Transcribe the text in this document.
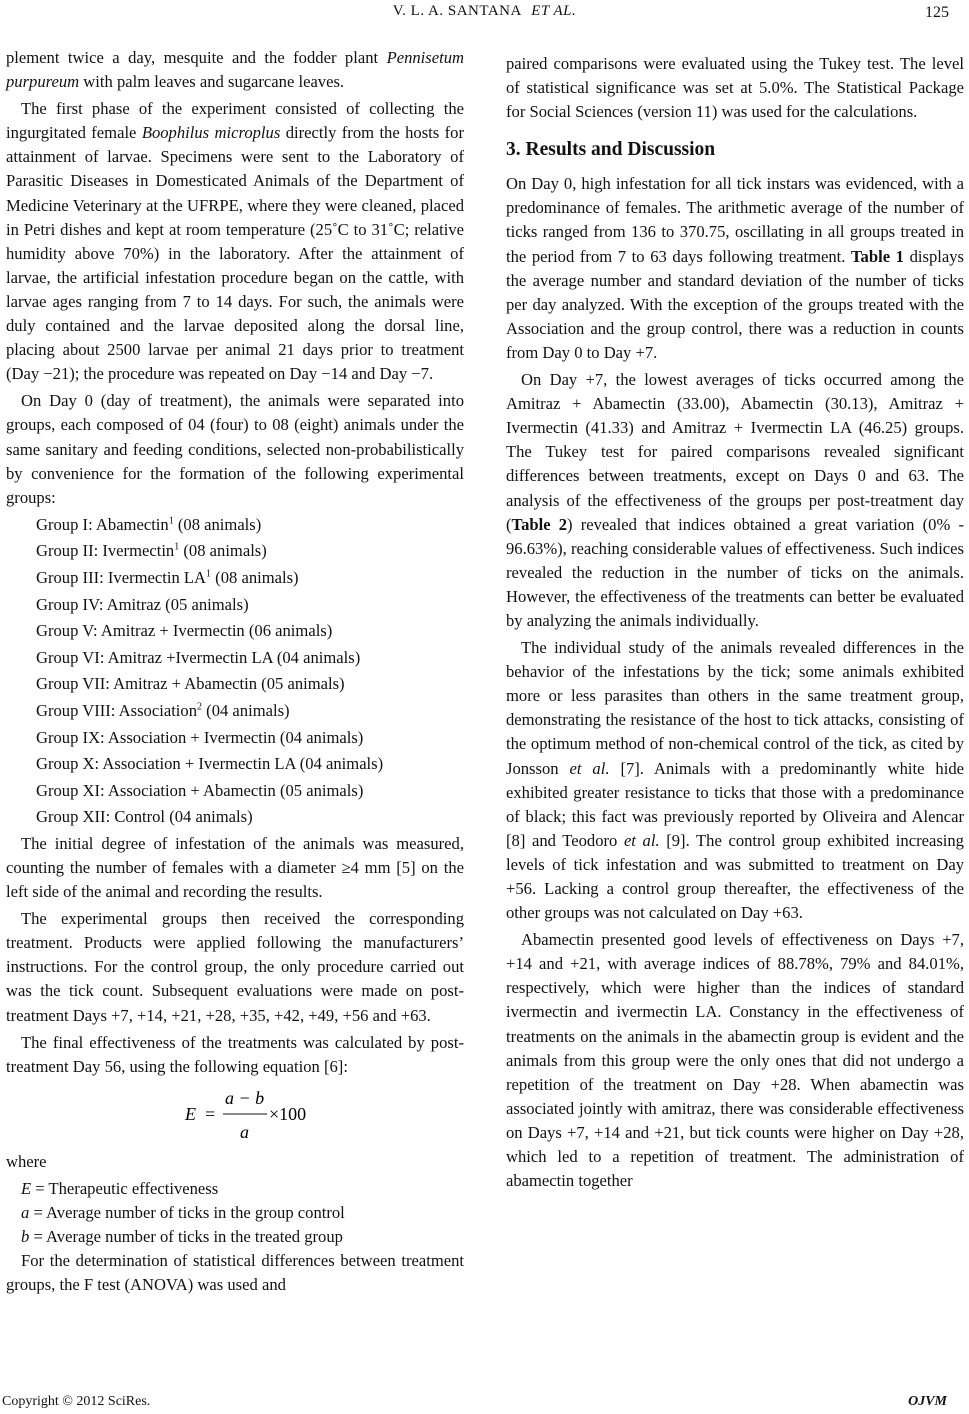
V. L. A. SANTANA ET AL.	125

plement twice a day, mesquite and the fodder plant Pennisetum purpureum with palm leaves and sugarcane leaves.

The first phase of the experiment consisted of collecting the ingurgitated female Boophilus microplus directly from the hosts for attainment of larvae. Specimens were sent to the Laboratory of Parasitic Diseases in Domesticated Animals of the Department of Medicine Veterinary at the UFRPE, where they were cleaned, placed in Petri dishes and kept at room temperature (25˚C to 31˚C; relative humidity above 70%) in the laboratory. After the attainment of larvae, the artificial infestation procedure began on the cattle, with larvae ages ranging from 7 to 14 days. For such, the animals were duly contained and the larvae deposited along the dorsal line, placing about 2500 larvae per animal 21 days prior to treatment (Day −21); the procedure was repeated on Day −14 and Day −7.

On Day 0 (day of treatment), the animals were separated into groups, each composed of 04 (four) to 08 (eight) animals under the same sanitary and feeding conditions, selected non-probabilistically by convenience for the formation of the following experimental groups:

Group I: Abamectin$^1$ (08 animals)

Group II: Ivermectin$^1$ (08 animals)

Group III: Ivermectin $LA^1$ (08 animals)

Group IV: Amitraz (05 animals)

Group V: Amitraz + Ivermectin (06 animals)

Group VI: Amitraz +Ivermectin LA (04 animals)

Group VII: Amitraz + Abamectin (05 animals)

Group VIII: Association$^2$ (04 animals)

Group IX: Association + Ivermectin (04 animals)

Group X: Association + Ivermectin LA (04 animals)

Group XI: Association + Abamectin (05 animals)

Group XII: Control (04 animals)

The initial degree of infestation of the animals was measured, counting the number of females with a diameter ≥4 mm [5] on the left side of the animal and recording the results.

The experimental groups then received the corresponding treatment. Products were applied following the manufacturers’ instructions. For the control group, the only procedure carried out was the tick count. Subsequent evaluations were made on post-treatment Days +7, +14, +21, +28, +35, +42, +49, +56 and +63.

The final effectiveness of the treatments was calculated by post-treatment Day 56, using the following equation [6]:

E =
a − b
a
×100

where

E = Therapeutic effectiveness

a = Average number of ticks in the group control

b = Average number of ticks in the treated group

For the determination of statistical differences between treatment groups, the F test (ANOVA) was used and

paired comparisons were evaluated using the Tukey test. The level of statistical significance was set at 5.0%. The Statistical Package for Social Sciences (version 11) was used for the calculations.

3. Results and Discussion

On Day 0, high infestation for all tick instars was evidenced, with a predominance of females. The arithmetic average of the number of ticks ranged from 136 to 370.75, oscillating in all groups treated in the period from 7 to 63 days following treatment. Table 1 displays the average number and standard deviation of the number of ticks per day analyzed. With the exception of the groups treated with the Association and the group control, there was a reduction in counts from Day 0 to Day +7.

On Day +7, the lowest averages of ticks occurred among the Amitraz + Abamectin (33.00), Abamectin (30.13), Amitraz + Ivermectin (41.33) and Amitraz + Ivermectin LA (46.25) groups. The Tukey test for paired comparisons revealed significant differences between treatments, except on Days 0 and 63. The analysis of the effectiveness of the groups per post-treatment day (Table 2) revealed that indices obtained a great variation (0% - 96.63%), reaching considerable values of effectiveness. Such indices revealed the reduction in the number of ticks on the animals. However, the effectiveness of the treatments can better be evaluated by analyzing the animals individually.

The individual study of the animals revealed differences in the behavior of the infestations by the tick; some animals exhibited more or less parasites than others in the same treatment group, demonstrating the resistance of the host to tick attacks, consisting of the optimum method of non-chemical control of the tick, as cited by Jonsson et al. [7]. Animals with a predominantly white hide exhibited greater resistance to ticks that those with a predominance of black; this fact was previously reported by Oliveira and Alencar [8] and Teodoro et al. [9]. The control group exhibited increasing levels of tick infestation and was submitted to treatment on Day +56. Lacking a control group thereafter, the effectiveness of the other groups was not calculated on Day +63.

Abamectin presented good levels of effectiveness on Days +7, +14 and +21, with average indices of 88.78%, 79% and 84.01%, respectively, which were higher than the indices of standard ivermectin and ivermectin LA. Constancy in the effectiveness of treatments on the animals in the abamectin group is evident and the animals from this group were the only ones that did not undergo a repetition of the treatment on Day +28. When abamectin was associated jointly with amitraz, there was considerable effectiveness on Days +7, +14 and +21, but tick counts were higher on Day +28, which led to a repetition of treatment. The administration of abamectin together

Copyright © 2012 SciRes.	OJVM
